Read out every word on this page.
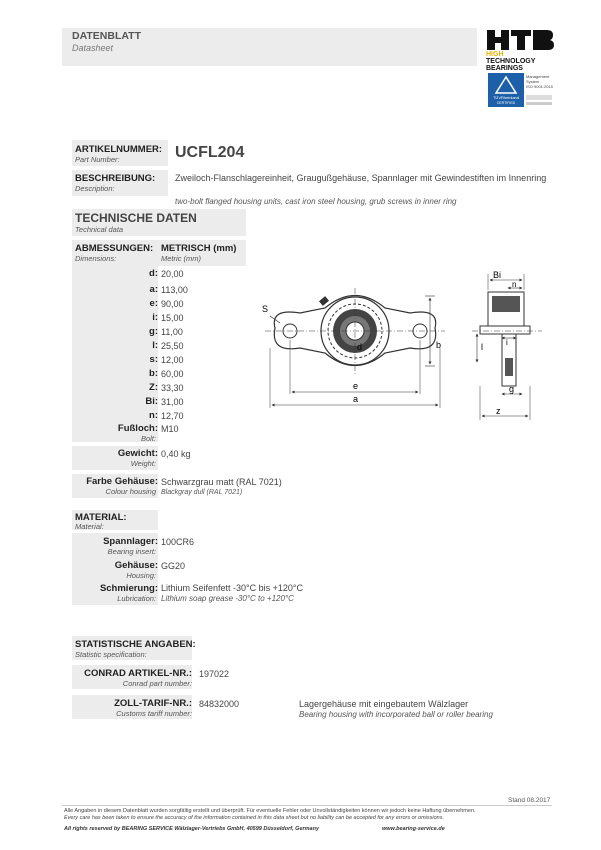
DATENBLATT
Datasheet
HIGH
TECHNOLOGY
BEARINGS
TÜVRheinland
CERTIFIED
Management
System
ISO 9001:2015
ARTIKELNUMMER:
Part Number:	UCFL204
BESCHREIBUNG:
Description:
Zweiloch-Flanschlagereinheit, Graugußgehäuse, Spannlager mit Gewindestiften im Innenring
two-bolt flanged housing units, cast iron steel housing, grub screws in inner ring
TECHNISCHE DATEN
Technical data
ABMESSUNGEN:
Dimensions:
METRISCH (mm)
Metric (mm)
d: 20,00
a: 113,00
e: 90,00
i: 15,00
g: 11,00
l: 25,50
s: 12,00
b: 60,00
Z: 33,30
Bi: 31,00
n: 12,70
Fußloch:
Bolt:
M10
Gewicht:
Weight:
0,40 kg
Farbe Gehäuse:
Colour housing
Schwarzgrau matt (RAL 7021)
Blackgray dull (RAL 7021)
S
d	b
e
a
Bi
n
l	i
g
z
MATERIAL:
Material:
Spannlager:
Bearing insert:
100CR6
Gehäuse:
Housing:
GG20
Schmierung:
Lubrication:
Lithium Seifenfett -30°C bis +120°C
Lithium soap grease -30°C to +120°C
STATISTISCHE ANGABEN:
Statistic specification:
CONRAD ARTIKEL-NR.:
Conrad part number:
197022
ZOLL-TARIF-NR.:
Customs tariff number:
84832000	Lagergehäuse mit eingebautem Wälzlager
Bearing housing with incorporated ball or roller bearing
Stand 08.2017
Alle Angaben in diesem Datenblatt wurden sorgfältig erstellt und überprüft. Für eventuelle Fehler oder Unvollständigkeiten können wir jedoch keine Haftung übernehmen.
Every care has been taken to ensure the accuracy of the information contained in this data sheet but no liability can be accepted for any errors or omissions.
All rights reserved by BEARING SERVICE Wälzlager-Vertriebs GmbH, 40599 Düsseldorf, Germany	www.bearing-service.de
